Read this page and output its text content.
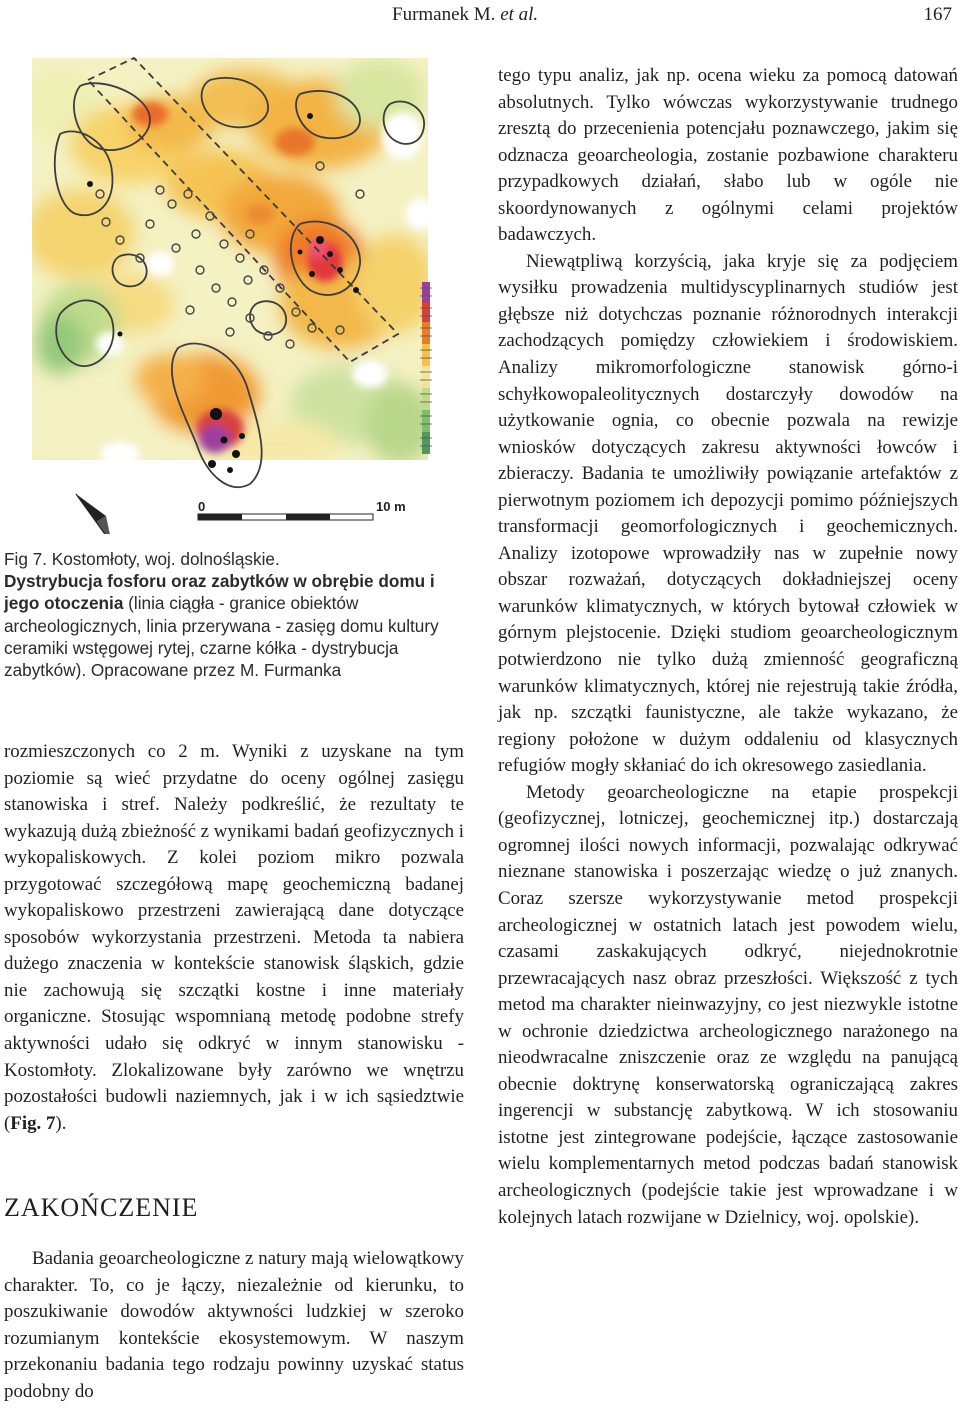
Furmanek M. et al.	167
0	10 m

Fig 7. Kostomłoty, woj. dolnośląskie.

Dystrybucja fosforu oraz zabytków w obrębie domu i jego otoczenia (linia ciągła - granice obiektów archeologicznych, linia przerywana - zasięg domu kultury ceramiki wstęgowej rytej, czarne kółka - dystrybucja zabytków). Opracowane przez M. Furmanka

rozmieszczonych co 2 m. Wyniki z uzyskane na tym poziomie są wieć przydatne do oceny ogólnej zasięgu stanowiska i stref. Należy podkreślić, że rezultaty te wykazują dużą zbieżność z wynikami badań geofizycznych i wykopaliskowych. Z kolei poziom mikro pozwala przygotować szczegółową mapę geochemiczną badanej wykopaliskowo przestrzeni zawierającą dane dotyczące sposobów wykorzystania przestrzeni. Metoda ta nabiera dużego znaczenia w kontekście stanowisk śląskich, gdzie nie zachowują się szczątki kostne i inne materiały organiczne. Stosując wspomnianą metodę podobne strefy aktywności udało się odkryć w innym stanowisku - Kostomłoty. Zlokalizowane były zarówno we wnętrzu pozostałości budowli naziemnych, jak i w ich sąsiedztwie (Fig. 7).

ZAKOŃCZENIE

Badania geoarcheologiczne z natury mają wielowątkowy charakter. To, co je łączy, niezależnie od kierunku, to poszukiwanie dowodów aktywności ludzkiej w szeroko rozumianym kontekście ekosystemowym. W naszym przekonaniu badania tego rodzaju powinny uzyskać status podobny do

tego typu analiz, jak np. ocena wieku za pomocą datowań absolutnych. Tylko wówczas wykorzystywanie trudnego zresztą do przecenienia potencjału poznawczego, jakim się odznacza geoarcheologia, zostanie pozbawione charakteru przypadkowych działań, słabo lub w ogóle nie skoordynowanych z ogólnymi celami projektów badawczych.

Niewątpliwą korzyścią, jaka kryje się za podjęciem wysiłku prowadzenia multidyscyplinarnych studiów jest głębsze niż dotychczas poznanie różnorodnych interakcji zachodzących pomiędzy człowiekiem i środowiskiem. Analizy mikromorfologiczne stanowisk górno-i schyłkowopaleolitycznych dostarczyły dowodów na użytkowanie ognia, co obecnie pozwala na rewizje wniosków dotyczących zakresu aktywności łowców i zbieraczy. Badania te umożliwiły powiązanie artefaktów z pierwotnym poziomem ich depozycji pomimo późniejszych transformacji geomorfologicznych i geochemicznych. Analizy izotopowe wprowadziły nas w zupełnie nowy obszar rozważań, dotyczących dokładniejszej oceny warunków klimatycznych, w których bytował człowiek w górnym plejstocenie. Dzięki studiom geoarcheologicznym potwierdzono nie tylko dużą zmienność geograficzną warunków klimatycznych, której nie rejestrują takie źródła, jak np. szczątki faunistyczne, ale także wykazano, że regiony położone w dużym oddaleniu od klasycznych refugiów mogły skłaniać do ich okresowego zasiedlania.

Metody geoarcheologiczne na etapie prospekcji (geofizycznej, lotniczej, geochemicznej itp.) dostarczają ogromnej ilości nowych informacji, pozwalając odkrywać nieznane stanowiska i poszerzając wiedzę o już znanych. Coraz szersze wykorzystywanie metod prospekcji archeologicznej w ostatnich latach jest powodem wielu, czasami zaskakujących odkryć, niejednokrotnie przewracających nasz obraz przeszłości. Większość z tych metod ma charakter nieinwazyjny, co jest niezwykle istotne w ochronie dziedzictwa archeologicznego narażonego na nieodwracalne zniszczenie oraz ze względu na panującą obecnie doktrynę konserwatorską ograniczającą zakres ingerencji w substancję zabytkową. W ich stosowaniu istotne jest zintegrowane podejście, łączące zastosowanie wielu komplementarnych metod podczas badań stanowisk archeologicznych (podejście takie jest wprowadzane i w kolejnych latach rozwijane w Dzielnicy, woj. opolskie).
